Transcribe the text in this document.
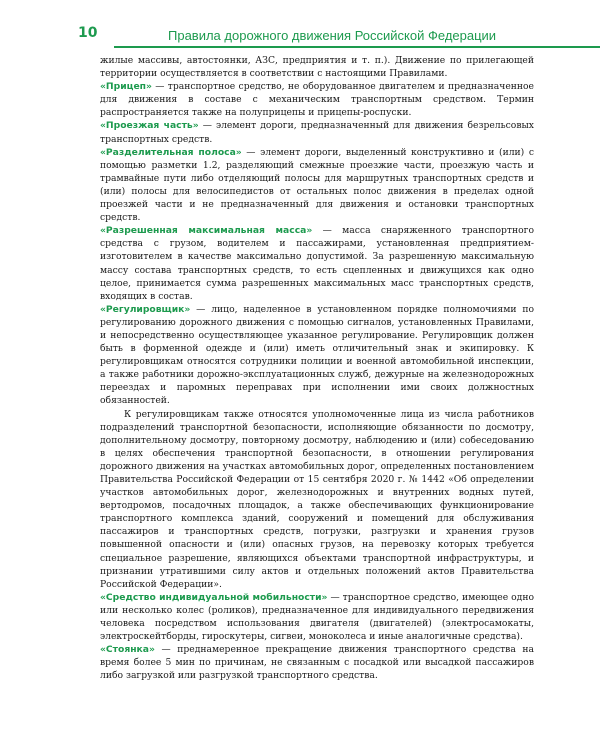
10	Правила дорожного движения Российской Федерации

жилые массивы, автостоянки, АЗС, предприятия и т. п.). Движение по прилегающей территории осуществляется в соответствии с настоящими Правилами.

«Прицеп» — транспортное средство, не оборудованное двигателем и предназначенное для движения в составе с механическим транспортным средством. Термин распространяется также на полуприцепы и прицепы-роспуски.

«Проезжая часть» — элемент дороги, предназначенный для движения безрельсовых транспортных средств.

«Разделительная полоса» — элемент дороги, выделенный конструктивно и (или) с помощью разметки 1.2, разделяющий смежные проезжие части, проезжую часть и трамвайные пути либо отделяющий полосы для маршрутных транспортных средств и (или) полосы для велосипедистов от остальных полос движения в пределах одной проезжей части и не предназначенный для движения и остановки транспортных средств.

«Разрешенная максимальная масса» — масса снаряженного транспортного средства с грузом, водителем и пассажирами, установленная предприятием-изготовителем в качестве максимально допустимой. За разрешенную максимальную массу состава транспортных средств, то есть сцепленных и движущихся как одно целое, принимается сумма разрешенных максимальных масс транспортных средств, входящих в состав.

«Регулировщик» — лицо, наделенное в установленном порядке полномочиями по регулированию дорожного движения с помощью сигналов, установленных Правилами, и непосредственно осуществляющее указанное регулирование. Регулировщик должен быть в форменной одежде и (или) иметь отличительный знак и экипировку. К регулировщикам относятся сотрудники полиции и военной автомобильной инспекции, а также работники дорожно-эксплуатационных служб, дежурные на железнодорожных переездах и паромных переправах при исполнении ими своих должностных обязанностей.

К регулировщикам также относятся уполномоченные лица из числа работников подразделений транспортной безопасности, исполняющие обязанности по досмотру, дополнительному досмотру, повторному досмотру, наблюдению и (или) собеседованию в целях обеспечения транспортной безопасности, в отношении регулирования дорожного движения на участках автомобильных дорог, определенных постановлением Правительства Российской Федерации от 15 сентября 2020 г. № 1442 «Об определении участков автомобильных дорог, железнодорожных и внутренних водных путей, вертодромов, посадочных площадок, а также обеспечивающих функционирование транспортного комплекса зданий, сооружений и помещений для обслуживания пассажиров и транспортных средств, погрузки, разгрузки и хранения грузов повышенной опасности и (или) опасных грузов, на перевозку которых требуется специальное разрешение, являющихся объектами транспортной инфраструктуры, и признании утратившими силу актов и отдельных положений актов Правительства Российской Федерации».

«Средство индивидуальной мобильности» — транспортное средство, имеющее одно или несколько колес (роликов), предназначенное для индивидуального передвижения человека посредством использования двигателя (двигателей) (электросамокаты, электроскейтборды, гироскутеры, сигвеи, моноколеса и иные аналогичные средства).

«Стоянка» — преднамеренное прекращение движения транспортного средства на время более 5 мин по причинам, не связанным с посадкой или высадкой пассажиров либо загрузкой или разгрузкой транспортного средства.
